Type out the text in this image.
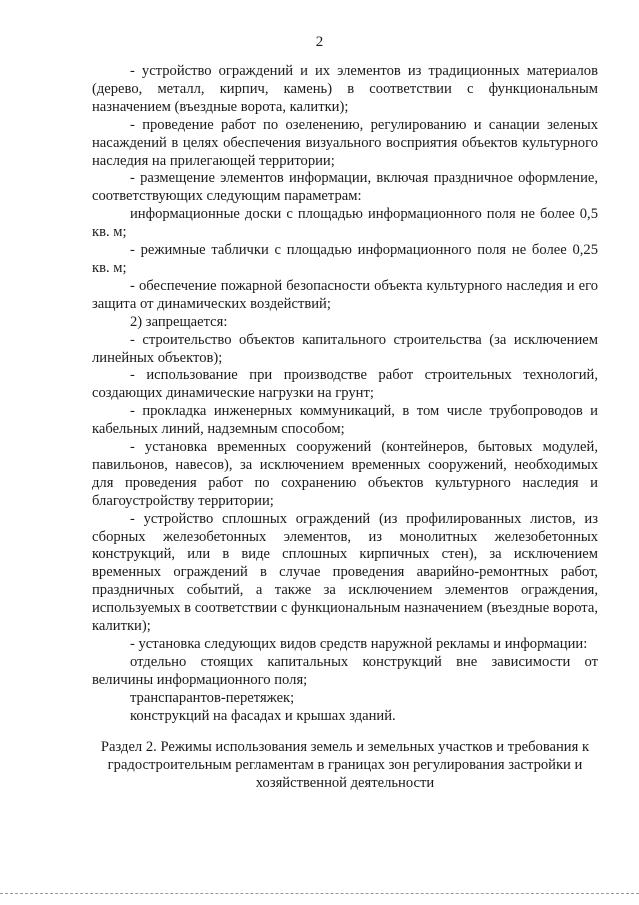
2

- устройство ограждений и их элементов из традиционных материалов (дерево, металл, кирпич, камень) в соответствии с функциональным назначением (въездные ворота, калитки);

- проведение работ по озеленению, регулированию и санации зеленых насаждений в целях обеспечения визуального восприятия объектов культурного наследия на прилегающей территории;

- размещение элементов информации, включая праздничное оформление, соответствующих следующим параметрам:

информационные доски с площадью информационного поля не более 0,5 кв. м;

- режимные таблички с площадью информационного поля не более 0,25 кв. м;

- обеспечение пожарной безопасности объекта культурного наследия и его защита от динамических воздействий;

2) запрещается:

- строительство объектов капитального строительства (за исключением линейных объектов);

- использование при производстве работ строительных технологий, создающих динамические нагрузки на грунт;

- прокладка инженерных коммуникаций, в том числе трубопроводов и кабельных линий, надземным способом;

- установка временных сооружений (контейнеров, бытовых модулей, павильонов, навесов), за исключением временных сооружений, необходимых для проведения работ по сохранению объектов культурного наследия и благоустройству территории;

- устройство сплошных ограждений (из профилированных листов, из сборных железобетонных элементов, из монолитных железобетонных конструкций, или в виде сплошных кирпичных стен), за исключением временных ограждений в случае проведения аварийно-ремонтных работ, праздничных событий, а также за исключением элементов ограждения, используемых в соответствии с функциональным назначением (въездные ворота, калитки);

- установка следующих видов средств наружной рекламы и информации:

отдельно стоящих капитальных конструкций вне зависимости от величины информационного поля;

транспарантов-перетяжек;

конструкций на фасадах и крышах зданий.

Раздел 2. Режимы использования земель и земельных участков и требования к градостроительным регламентам в границах зон регулирования застройки и хозяйственной деятельности
